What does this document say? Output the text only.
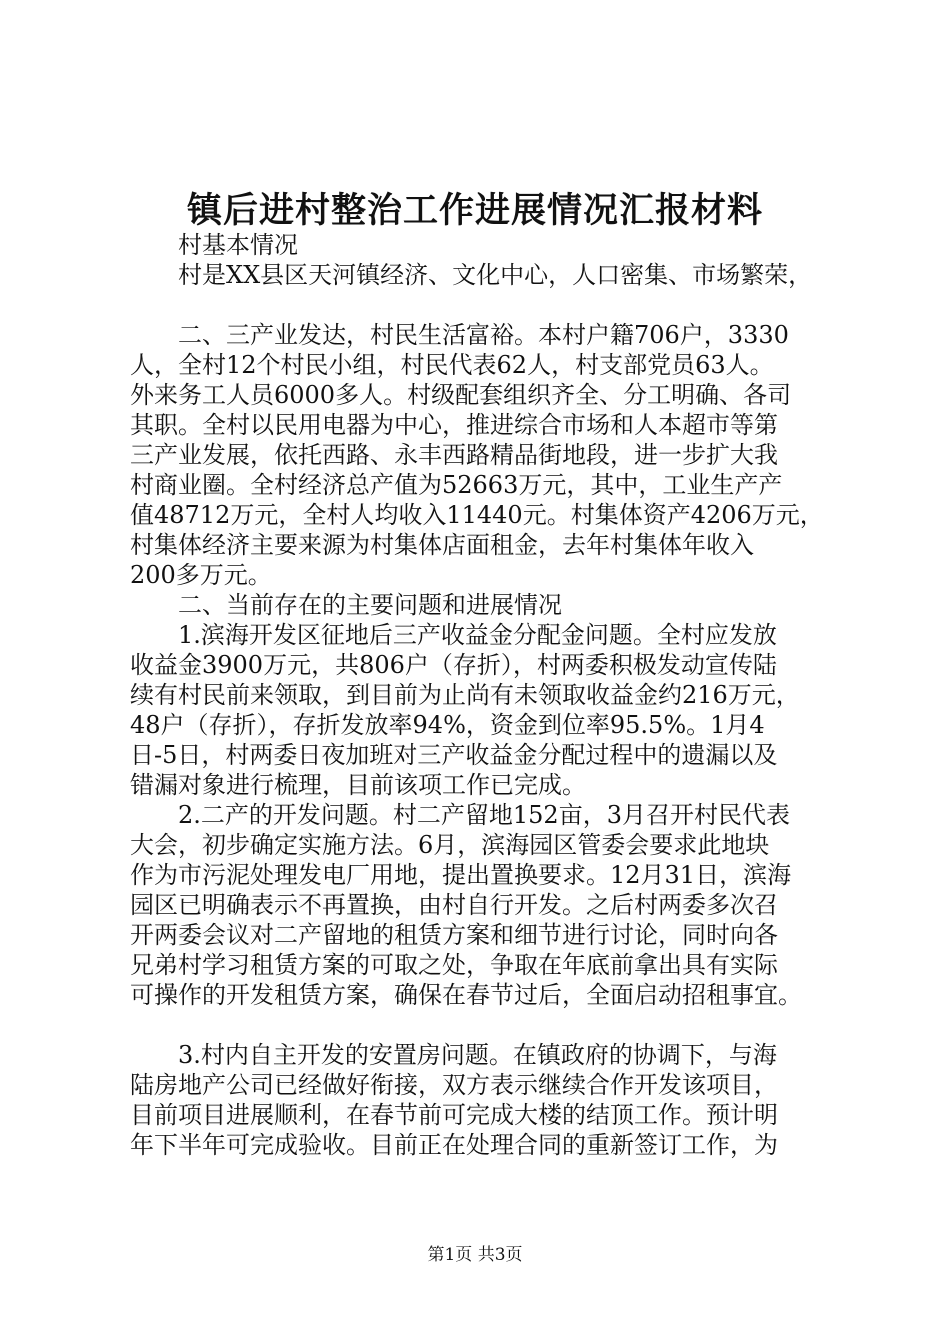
镇后进村整治工作进展情况汇报材料
村基本情况
村是XX县区天河镇经济、文化中心，人口密集、市场繁荣，
二、三产业发达，村民生活富裕。本村户籍706户，3330
人，全村12个村民小组，村民代表62人，村支部党员63人。
外来务工人员6000多人。村级配套组织齐全、分工明确、各司
其职。全村以民用电器为中心，推进综合市场和人本超市等第
三产业发展，依托西路、永丰西路精品街地段，进一步扩大我
村商业圈。全村经济总产值为52663万元，其中，工业生产产
值48712万元，全村人均收入11440元。村集体资产4206万元，
村集体经济主要来源为村集体店面租金，去年村集体年收入
200多万元。
二、当前存在的主要问题和进展情况
1.滨海开发区征地后三产收益金分配金问题。全村应发放
收益金3900万元，共806户（存折），村两委积极发动宣传陆
续有村民前来领取，到目前为止尚有未领取收益金约216万元，
48户（存折），存折发放率94%，资金到位率95.5%。1月4
日-5日，村两委日夜加班对三产收益金分配过程中的遗漏以及
错漏对象进行梳理，目前该项工作已完成。
2.二产的开发问题。村二产留地152亩，3月召开村民代表
大会，初步确定实施方法。6月，滨海园区管委会要求此地块
作为市污泥处理发电厂用地，提出置换要求。12月31日，滨海
园区已明确表示不再置换，由村自行开发。之后村两委多次召
开两委会议对二产留地的租赁方案和细节进行讨论，同时向各
兄弟村学习租赁方案的可取之处，争取在年底前拿出具有实际
可操作的开发租赁方案，确保在春节过后，全面启动招租事宜。
3.村内自主开发的安置房问题。在镇政府的协调下，与海
陆房地产公司已经做好衔接，双方表示继续合作开发该项目，
目前项目进展顺利，在春节前可完成大楼的结顶工作。预计明
年下半年可完成验收。目前正在处理合同的重新签订工作，为
第1页 共3页
